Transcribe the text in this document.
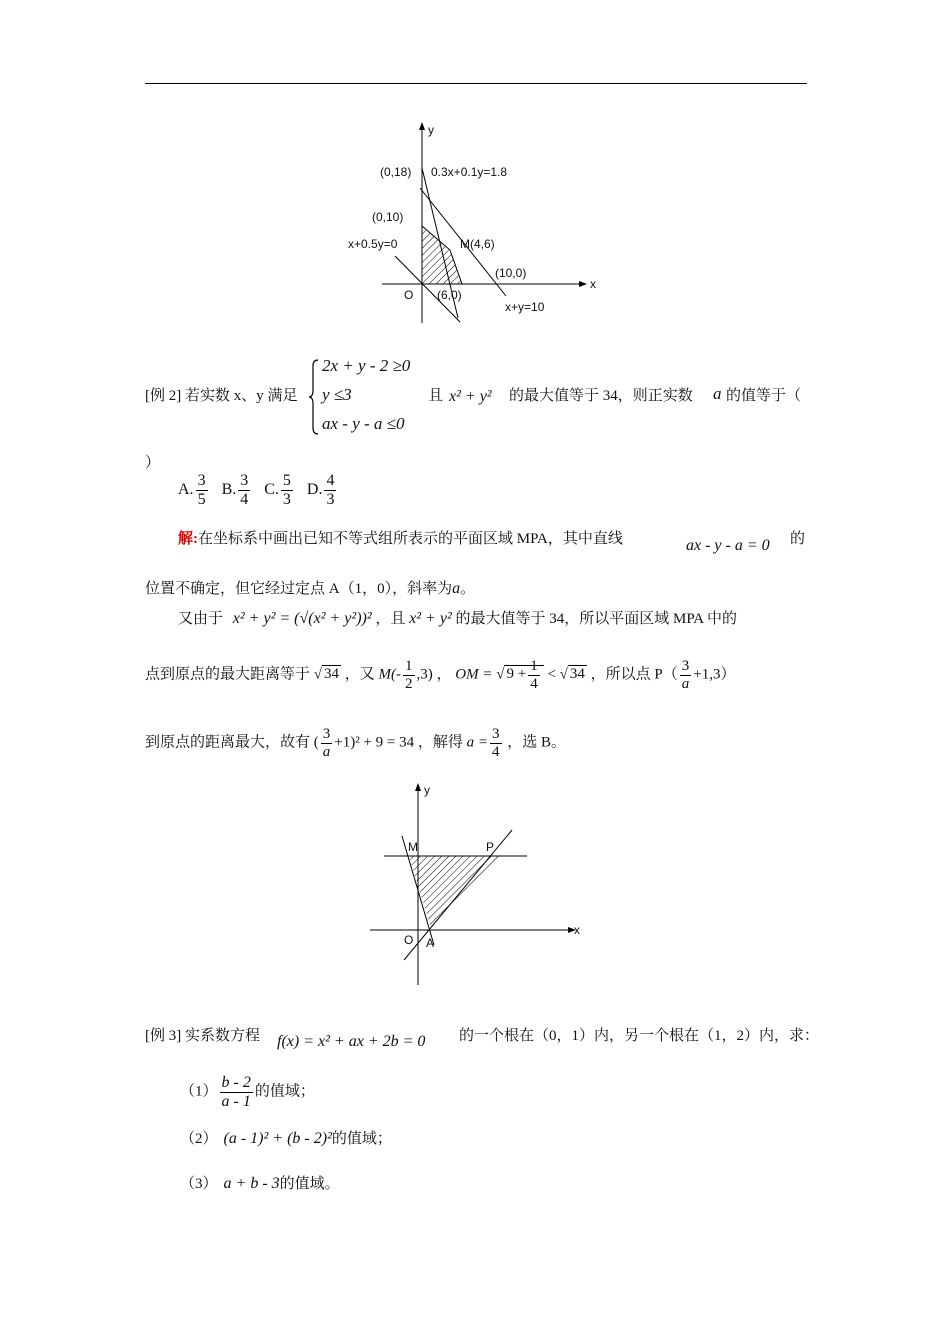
y
x
O
(0,18) 0.3x+0.1y=1.8
(0,10)
x+0.5y=0	M(4,6)
(10,0)
(6,0)
x+y=10
[例 2] 若实数 x、y 满足
2x + y - 2 ≥0
y ≤3
ax - y - a ≤0
且 x² + y² 的最大值等于 34，则正实数 a 的值等于（
）
A. $\frac{3}{5} B$. $\frac{3}{4} C$. $\frac{5}{3} D$. $\frac{4}{3}$
解:在坐标系中画出已知不等式组所表示的平面区域 MPA，其中直线	ax - y - a = 0 的
位置不确定，但它经过定点 A（1，0），斜率为a。
又由于 x² + y² = (√(x² + y²))² ，且 x² + y² 的最大值等于 34，所以平面区域 MPA 中的
点到原点的最大距离等于 √ 34 ，又 $M(- \frac{1}{2} ,3)$ ， OM = √ $9 + \frac{1}{4}$ < √ 34 ，所以点 $P( \frac{3}{a} +1,3)$
到原点的距离最大，故有 ( $\frac{3}{a} +1)^2 + 9 = 34$ ，解得 $a = \frac{3}{4}$ ，选 B。
y
x
O A
M	P
[例 3] 实系数方程 f(x) = x² + ax + 2b = 0 的一个根在（0，1）内，另一个根在（1，2）内，求：
$(1) \frac{b - 2}{a - 1}$ 的值域；
（2） (a - 1)² + (b - 2)²的值域；
（3） a + b - 3的值域。
